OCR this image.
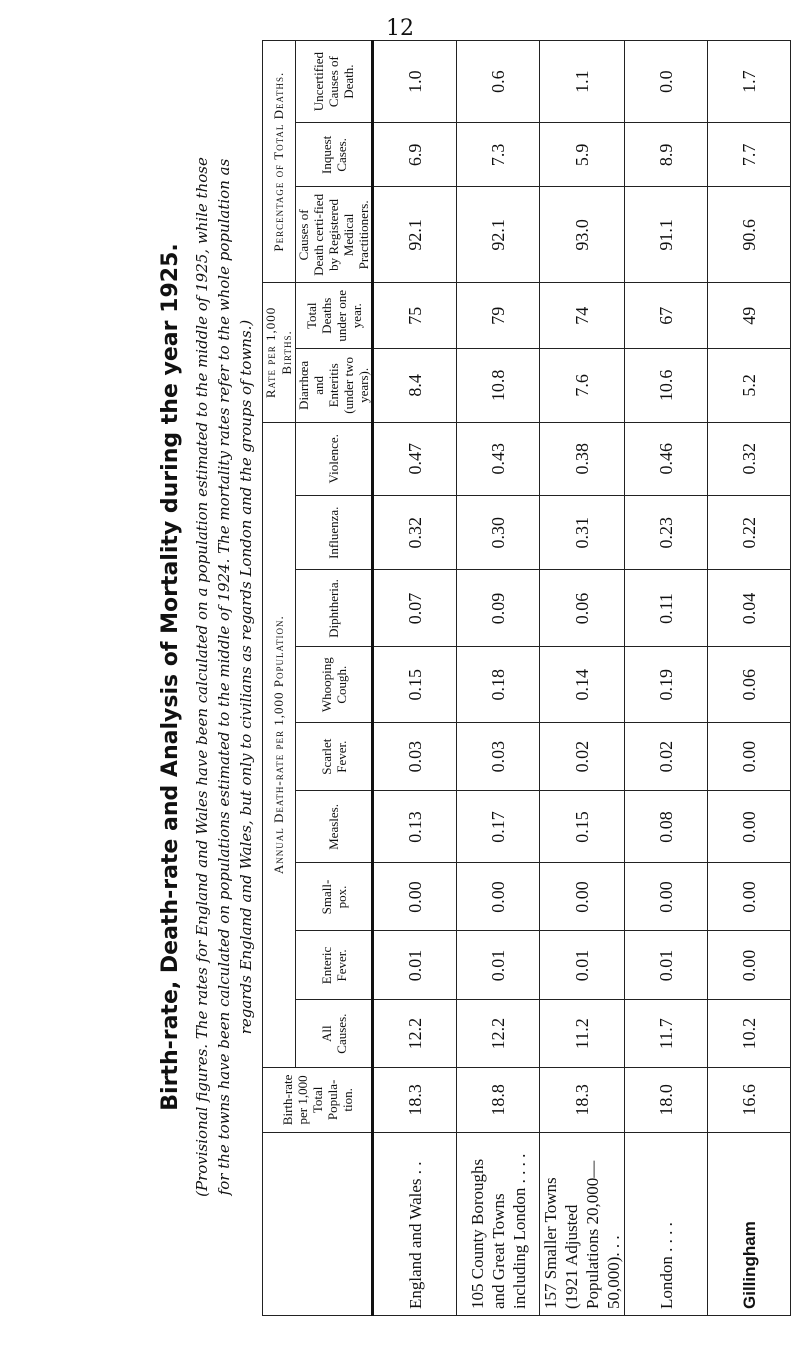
12
Birth-rate, Death-rate and Analysis of Mortality during the year 1925. (Provisional figures. The rates for England and Wales have been calculated on a population estimated to the middle of 1925, while those for the towns have been calculated on populations estimated to the middle of 1924. The mortality rates refer to the whole population as regards England and Wales, but only to civilians as regards London and the groups of towns.)
	Birth-rate per 1,000 Total Popula-tion.	Annual Death-rate per 1,000 Population.									Rate per 1,000 Births.		Percentage of Total Deaths.		
		All Causes.	Enteric Fever.	Small-pox.	Measles.	Scarlet Fever.	Whooping Cough.	Diphtheria.	Influenza.	Violence.	Diarrhœa and Enteritis (under two years).	Total Deaths under one year.	Causes of Death certi-fied by Registered Medical Practitioners.	Inquest Cases.	Uncertified Causes of Death.
England and Wales . .	18.3	12.2	0.01	0.00	0.13	0.03	0.15	0.07	0.32	0.47	8.4	75	92.1	6.9	1.0
105 County Boroughs and Great Towns including London . . . .	18.8	12.2	0.01	0.00	0.17	0.03	0.18	0.09	0.30	0.43	10.8	79	92.1	7.3	0.6
157 Smaller Towns (1921 Adjusted Populations 20,000—50,000). . .	18.3	11.2	0.01	0.00	0.15	0.02	0.14	0.06	0.31	0.38	7.6	74	93.0	5.9	1.1
London . . . .	18.0	11.7	0.01	0.00	0.08	0.02	0.19	0.11	0.23	0.46	10.6	67	91.1	8.9	0.0
Gillingham	16.6	10.2	0.00	0.00	0.00	0.00	0.06	0.04	0.22	0.32	5.2	49	90.6	7.7	1.7
